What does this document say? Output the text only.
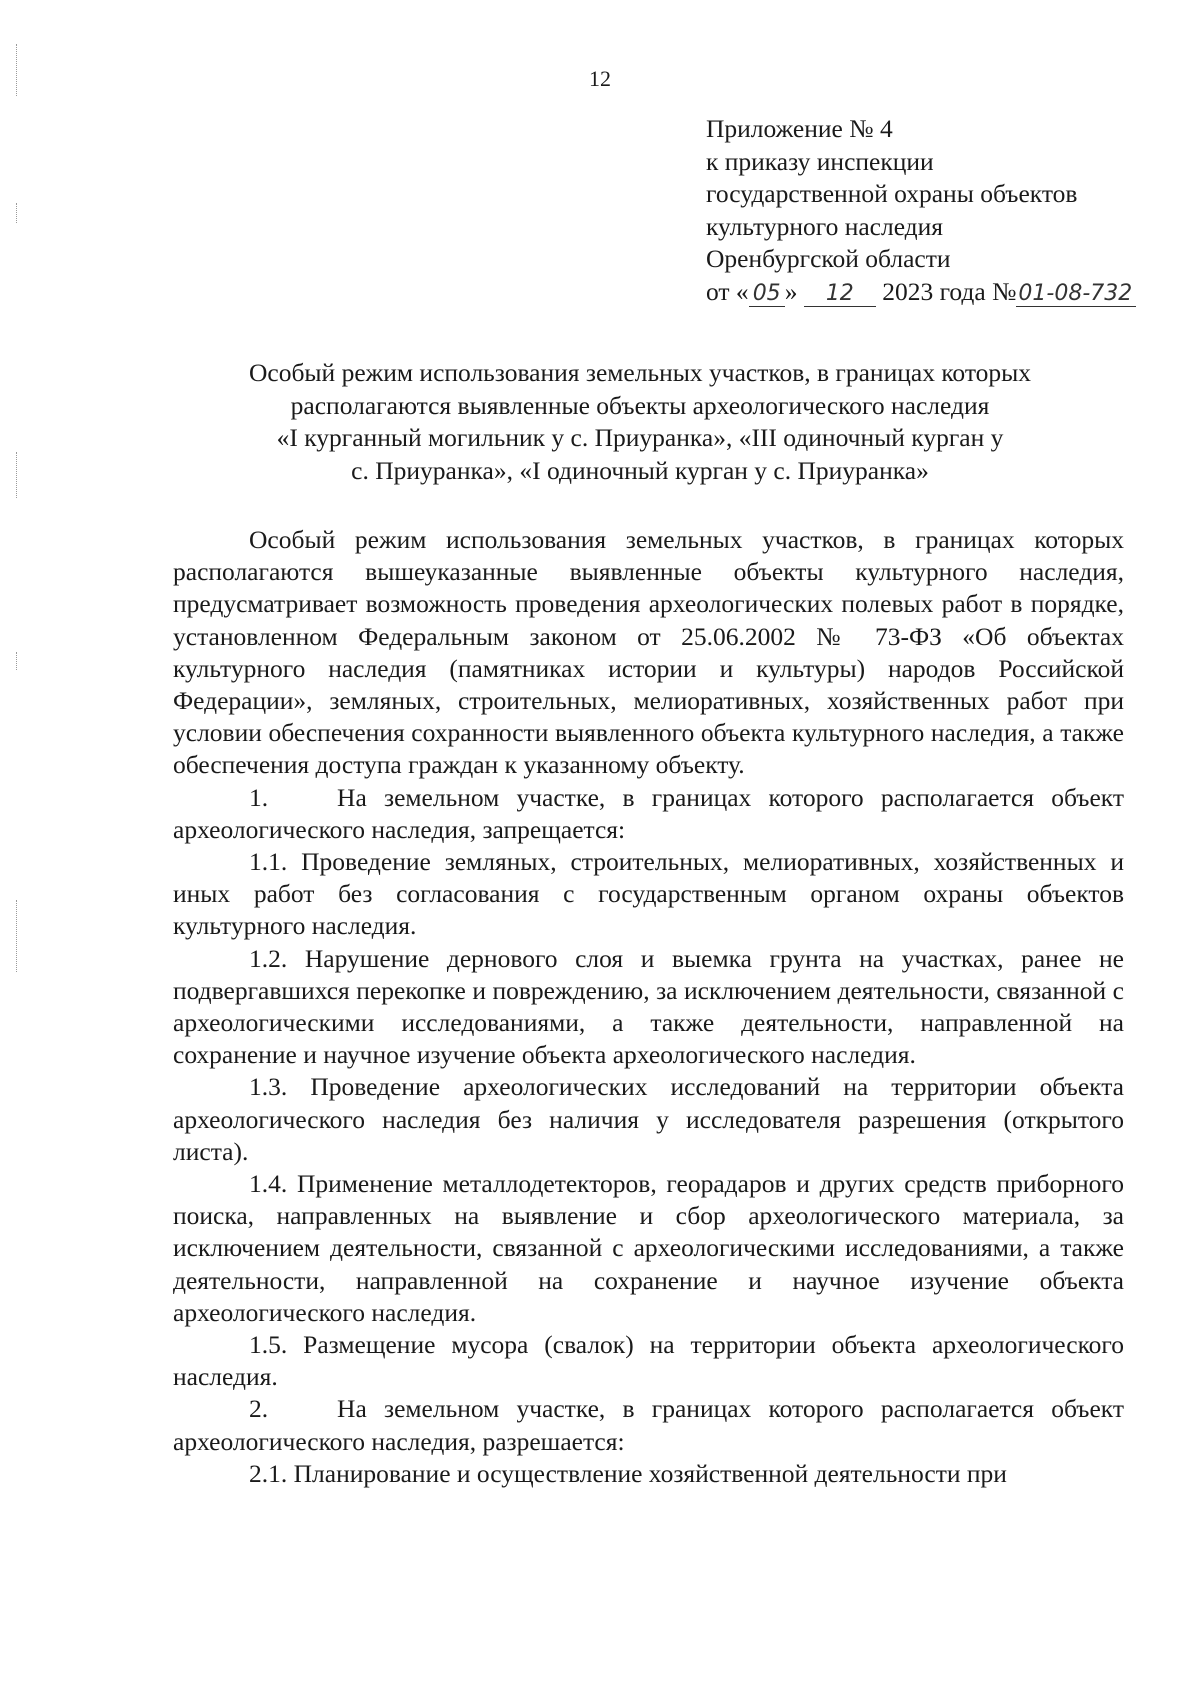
12
Приложение № 4
к приказу инспекции
государственной охраны объектов
культурного наследия
Оренбургской области
от « 05 » 12 2023 года №01-08-732
Особый режим использования земельных участков, в границах которых
располагаются выявленные объекты археологического наследия
«I курганный могильник у с. Приуранка», «III одиночный курган у
с. Приуранка», «I одиночный курган у с. Приуранка»

Особый режим использования земельных участков, в границах которых располагаются вышеуказанные выявленные объекты культурного наследия, предусматривает возможность проведения археологических полевых работ в порядке, установленном Федеральным законом от 25.06.2002 № 73-ФЗ «Об объектах культурного наследия (памятниках истории и культуры) народов Российской Федерации», земляных, строительных, мелиоративных, хозяйственных работ при условии обеспечения сохранности выявленного объекта культурного наследия, а также обеспечения доступа граждан к указанному объекту.

1.    На земельном участке, в границах которого располагается объект археологического наследия, запрещается:

1.1. Проведение земляных, строительных, мелиоративных, хозяйственных и иных работ без согласования с государственным органом охраны объектов культурного наследия.

1.2. Нарушение дернового слоя и выемка грунта на участках, ранее не подвергавшихся перекопке и повреждению, за исключением деятельности, связанной с археологическими исследованиями, а также деятельности, направленной на сохранение и научное изучение объекта археологического наследия.

1.3. Проведение археологических исследований на территории объекта археологического наследия без наличия у исследователя разрешения (открытого листа).

1.4. Применение металлодетекторов, георадаров и других средств приборного поиска, направленных на выявление и сбор археологического материала, за исключением деятельности, связанной с археологическими исследованиями, а также деятельности, направленной на сохранение и научное изучение объекта археологического наследия.

1.5. Размещение мусора (свалок) на территории объекта археологического наследия.

2.    На земельном участке, в границах которого располагается объект археологического наследия, разрешается:

2.1. Планирование и осуществление хозяйственной деятельности при
